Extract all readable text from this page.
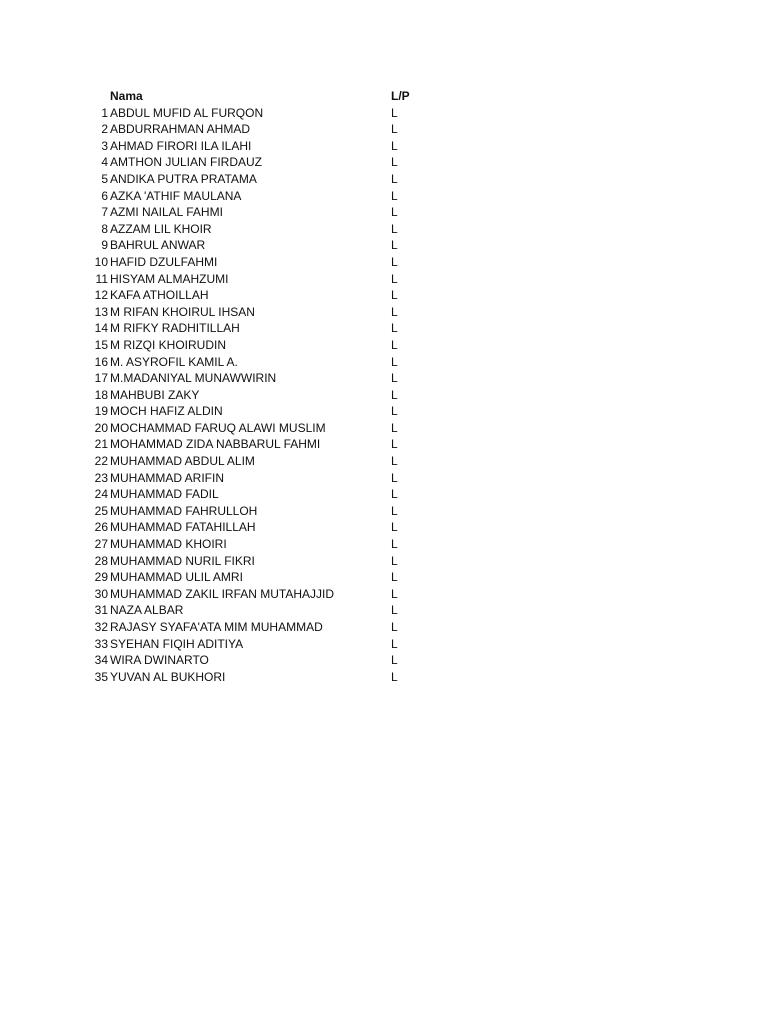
Nama	L/P
1 ABDUL MUFID AL FURQON	L
2 ABDURRAHMAN AHMAD	L
3 AHMAD FIRORI ILA ILAHI	L
4 AMTHON JULIAN FIRDAUZ	L
5 ANDIKA PUTRA PRATAMA	L
6 AZKA 'ATHIF MAULANA	L
7 AZMI NAILAL FAHMI	L
8 AZZAM LIL KHOIR	L
9 BAHRUL ANWAR	L
10 HAFID DZULFAHMI	L
11 HISYAM ALMAHZUMI	L
12 KAFA ATHOILLAH	L
13 M RIFAN KHOIRUL IHSAN	L
14 M RIFKY RADHITILLAH	L
15 M RIZQI KHOIRUDIN	L
16 M. ASYROFIL KAMIL A.	L
17 M.MADANIYAL MUNAWWIRIN	L
18 MAHBUBI ZAKY	L
19 MOCH HAFIZ ALDIN	L
20 MOCHAMMAD FARUQ ALAWI MUSLIM	L
21 MOHAMMAD ZIDA NABBARUL FAHMI	L
22 MUHAMMAD ABDUL ALIM	L
23 MUHAMMAD ARIFIN	L
24 MUHAMMAD FADIL	L
25 MUHAMMAD FAHRULLOH	L
26 MUHAMMAD FATAHILLAH	L
27 MUHAMMAD KHOIRI	L
28 MUHAMMAD NURIL FIKRI	L
29 MUHAMMAD ULIL AMRI	L
30 MUHAMMAD ZAKIL IRFAN MUTAHAJJID	L
31 NAZA ALBAR	L
32 RAJASY SYAFA'ATA MIM MUHAMMAD	L
33 SYEHAN FIQIH ADITIYA	L
34 WIRA DWINARTO	L
35 YUVAN AL BUKHORI	L
